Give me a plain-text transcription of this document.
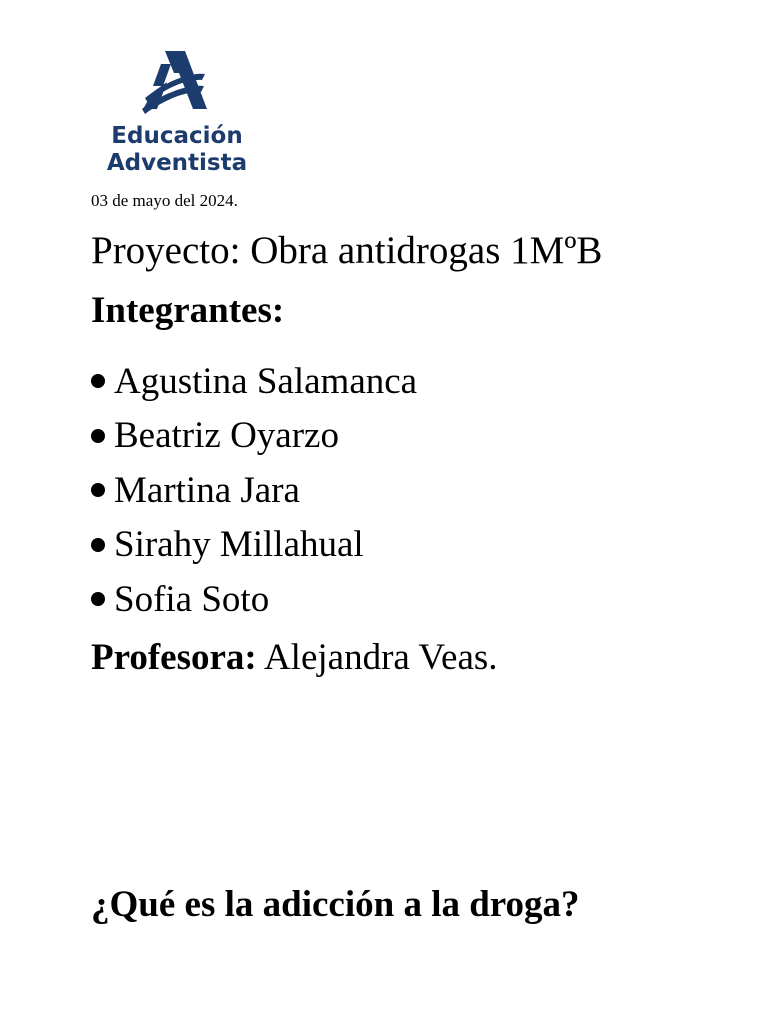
Educación
Adventista
03 de mayo del 2024.
Proyecto: Obra antidrogas 1MºB
Integrantes:
Agustina Salamanca
Beatriz Oyarzo
Martina Jara
Sirahy Millahual
Sofia Soto
Profesora: Alejandra Veas.
¿Qué es la adicción a la droga?
